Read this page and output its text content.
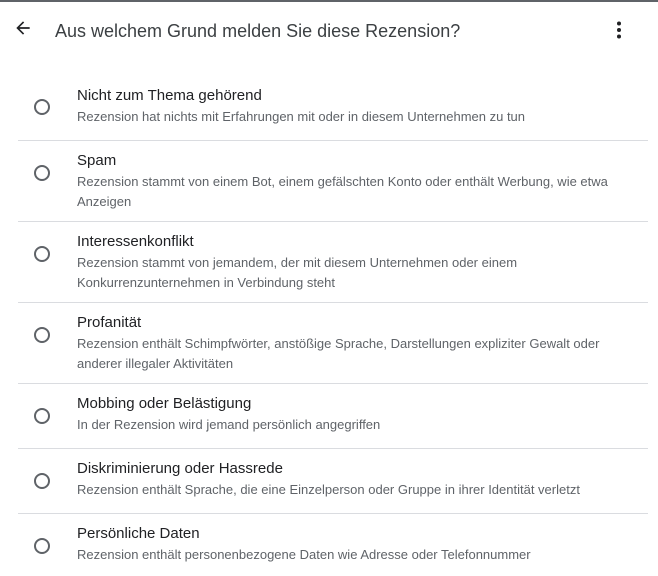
Aus welchem Grund melden Sie diese Rezension?
Nicht zum Thema gehörend
Rezension hat nichts mit Erfahrungen mit oder in diesem Unternehmen zu tun
Spam
Rezension stammt von einem Bot, einem gefälschten Konto oder enthält Werbung, wie etwa Anzeigen
Interessenkonflikt
Rezension stammt von jemandem, der mit diesem Unternehmen oder einem Konkurrenzunternehmen in Verbindung steht
Profanität
Rezension enthält Schimpfwörter, anstößige Sprache, Darstellungen expliziter Gewalt oder anderer illegaler Aktivitäten
Mobbing oder Belästigung
In der Rezension wird jemand persönlich angegriffen
Diskriminierung oder Hassrede
Rezension enthält Sprache, die eine Einzelperson oder Gruppe in ihrer Identität verletzt
Persönliche Daten
Rezension enthält personenbezogene Daten wie Adresse oder Telefonnummer
